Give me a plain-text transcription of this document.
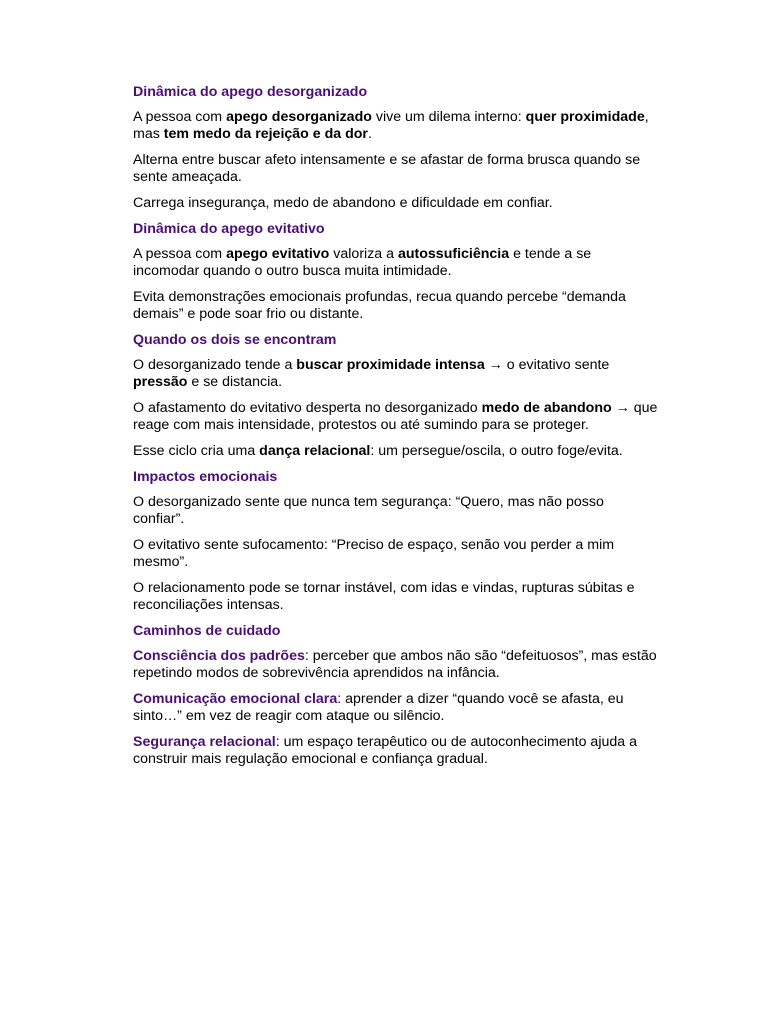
Dinâmica do apego desorganizado

A pessoa com apego desorganizado vive um dilema interno: quer proximidade,
mas tem medo da rejeição e da dor.

Alterna entre buscar afeto intensamente e se afastar de forma brusca quando se
sente ameaçada.

Carrega insegurança, medo de abandono e dificuldade em confiar.

Dinâmica do apego evitativo

A pessoa com apego evitativo valoriza a autossuficiência e tende a se
incomodar quando o outro busca muita intimidade.

Evita demonstrações emocionais profundas, recua quando percebe “demanda
demais” e pode soar frio ou distante.

Quando os dois se encontram

O desorganizado tende a buscar proximidade intensa → o evitativo sente
pressão e se distancia.

O afastamento do evitativo desperta no desorganizado medo de abandono → que
reage com mais intensidade, protestos ou até sumindo para se proteger.

Esse ciclo cria uma dança relacional: um persegue/oscila, o outro foge/evita.

Impactos emocionais

O desorganizado sente que nunca tem segurança: “Quero, mas não posso
confiar”.

O evitativo sente sufocamento: “Preciso de espaço, senão vou perder a mim
mesmo”.

O relacionamento pode se tornar instável, com idas e vindas, rupturas súbitas e
reconciliações intensas.

Caminhos de cuidado

Consciência dos padrões: perceber que ambos não são “defeituosos”, mas estão
repetindo modos de sobrevivência aprendidos na infância.

Comunicação emocional clara: aprender a dizer “quando você se afasta, eu
sinto…” em vez de reagir com ataque ou silêncio.

Segurança relacional: um espaço terapêutico ou de autoconhecimento ajuda a
construir mais regulação emocional e confiança gradual.
